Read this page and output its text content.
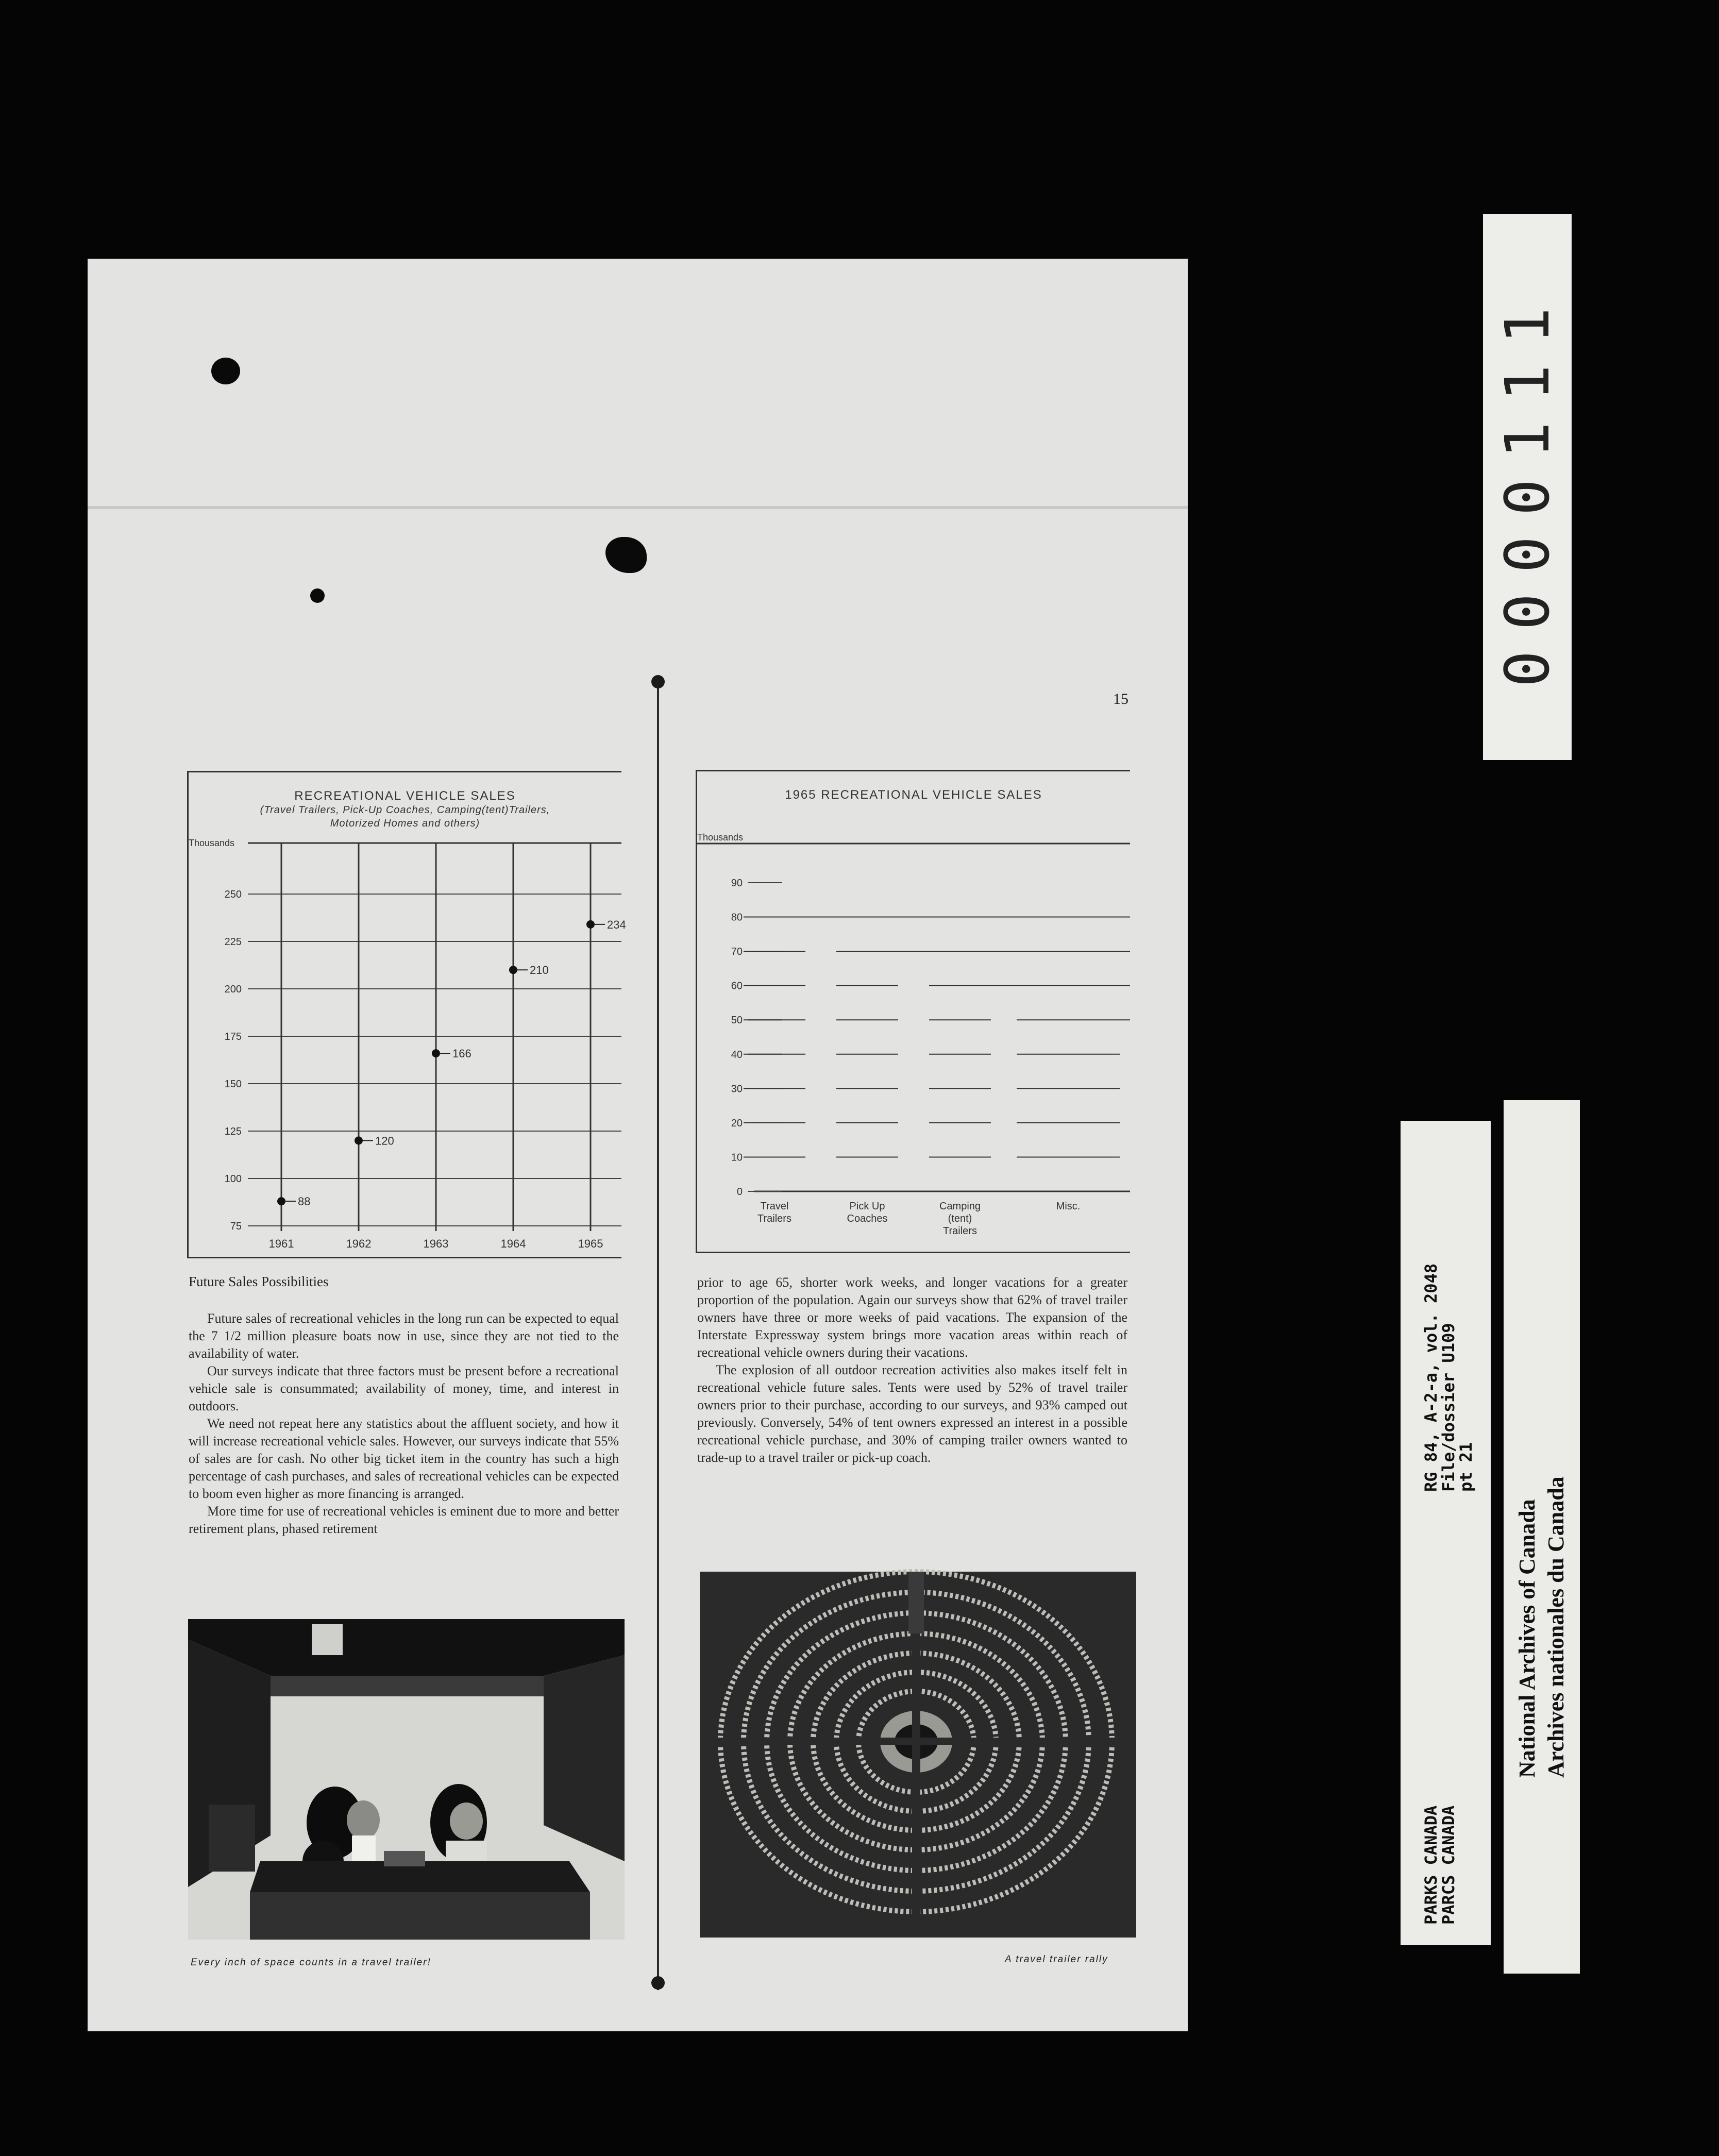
15
RECREATIONAL VEHICLE SALES
(Travel Trailers, Pick-Up Coaches, Camping(tent)Trailers,
Motorized Homes and others)
Thousands
250
225
200
175
150
125
100
75
1961	1962	1963	1964	1965
88
120
166
210
234
1965 RECREATIONAL VEHICLE SALES
Thousands
90
80
70
60
50
40
30
20
10
0
Travel
Trailers
Pick Up
Coaches
Camping
(tent)
Trailers
Misc.
Future Sales Possibilities

Future sales of recreational vehicles in the long run can be expected to equal the 7 1/2 million pleasure boats now in use, since they are not tied to the availability of water.

Our surveys indicate that three factors must be present before a recreational vehicle sale is consummated; availability of money, time, and interest in outdoors.

We need not repeat here any statistics about the affluent society, and how it will increase recreational vehicle sales. However, our surveys indicate that 55% of sales are for cash. No other big ticket item in the country has such a high percentage of cash purchases, and sales of recreational vehicles can be expected to boom even higher as more financing is arranged.

More time for use of recreational vehicles is eminent due to more and better retirement plans, phased retirement

prior to age 65, shorter work weeks, and longer vacations for a greater proportion of the population. Again our surveys show that 62% of travel trailer owners have three or more weeks of paid vacations. The expansion of the Interstate Expressway system brings more vacation areas within reach of recreational vehicle owners during their vacations.

The explosion of all outdoor recreation activities also makes itself felt in recreational vehicle future sales. Tents were used by 52% of travel trailer owners prior to their purchase, according to our surveys, and 93% camped out previously. Conversely, 54% of tent owners expressed an interest in a possible recreational vehicle purchase, and 30% of camping trailer owners wanted to trade-up to a travel trailer or pick-up coach.

Every inch of space counts in a travel trailer!	A travel trailer rally
0000111
RG 84, A-2-a, vol. 2048
File/dossier U109
pt 21
PARKS CANADA
PARCS CANADA
National Archives of Canada Archives nationales du Canada
